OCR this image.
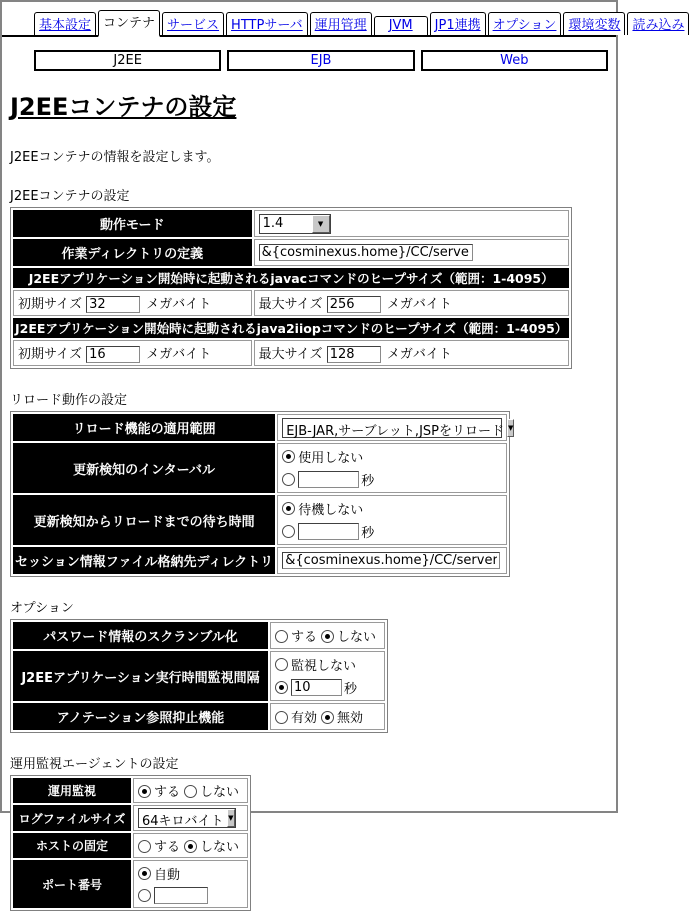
基本設定 コンテナ サービス HTTPサーバ 運用管理	JVM	JP1連携 オプション 環境変数 読み込み
J2EE	EJB	Web
J2EEコンテナの設定
J2EEコンテナの情報を設定します。
J2EEコンテナの設定
動作モード	1.4 ▼

作業ディレクトリの定義	&{cosminexus.home}/CC/server/publ
J2EEアプリケーション開始時に起動されるjavacコマンドのヒープサイズ（範囲：1-4095）	
初期サイズ 32 メガバイト	最大サイズ 256 メガバイト
J2EEアプリケーション開始時に起動されるjava2iiopコマンドのヒープサイズ（範囲：1-4095）	
初期サイズ 16 メガバイト	最大サイズ 128 メガバイト
リロード動作の設定
リロード機能の適用範囲	EJB-JAR,サーブレット,JSPをリロード ▼

更新検知のインターバル	使用しない
秒

更新検知からリロードまでの待ち時間	待機しない
秒

セッション情報ファイル格納先ディレクトリ	&{cosminexus.home}/CC/server/repo
オプション
パスワード情報のスクランブル化	する しない
J2EEアプリケーション実行時間監視間隔	監視しない
10
秒

アノテーション参照抑止機能	有効 無効
運用監視エージェントの設定
運用監視	する しない
ログファイルサイズ	64キロバイト ▼

ホストの固定	する しない
ポート番号	自動
